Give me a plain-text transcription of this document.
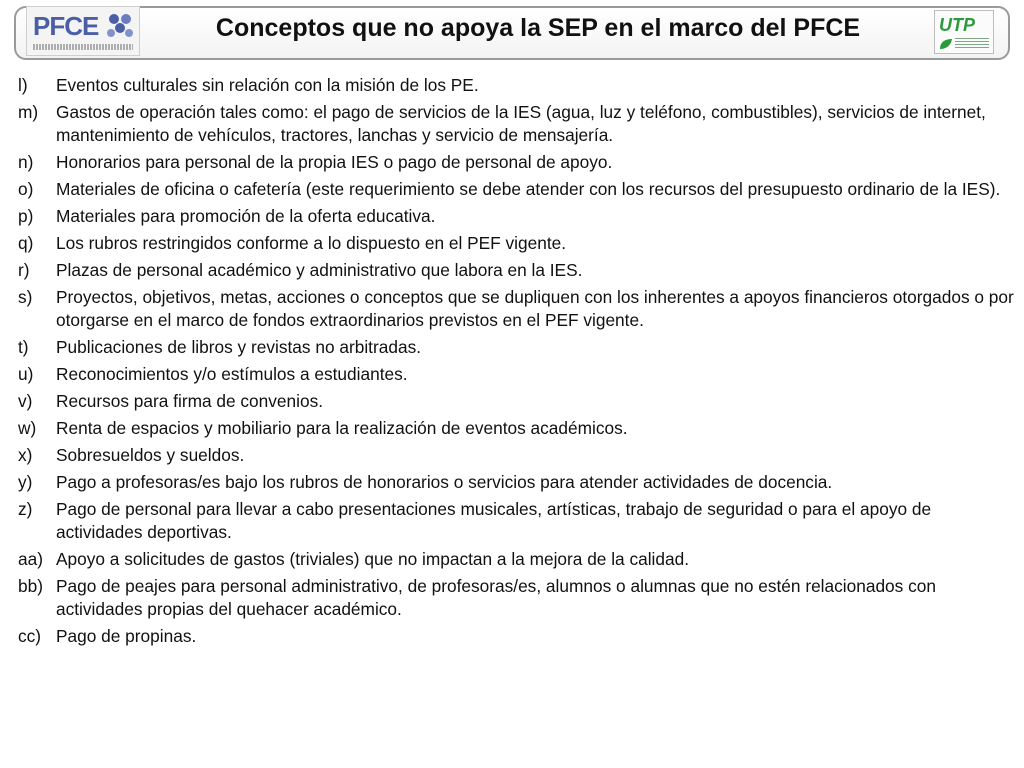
PFCE	Conceptos que no apoya la SEP en el marco del PFCE	UTP
l)	Eventos culturales sin relación con la misión de los PE.
m)	Gastos de operación tales como: el pago de servicios de la IES (agua, luz y teléfono, combustibles), servicios de internet, mantenimiento de vehículos, tractores, lanchas y servicio de mensajería.
n)	Honorarios para personal de la propia IES o pago de personal de apoyo.
o)	Materiales de oficina o cafetería (este requerimiento se debe atender con los recursos del presupuesto ordinario de la IES).
p)	Materiales para promoción de la oferta educativa.
q)	Los rubros restringidos conforme a lo dispuesto en el PEF vigente.
r)	Plazas de personal académico y administrativo que labora en la IES.
s)	Proyectos, objetivos, metas, acciones o conceptos que se dupliquen con los inherentes a apoyos financieros otorgados o por otorgarse en el marco de fondos extraordinarios previstos en el PEF vigente.
t)	Publicaciones de libros y revistas no arbitradas.
u)	Reconocimientos y/o estímulos a estudiantes.
v)	Recursos para firma de convenios.
w)	Renta de espacios y mobiliario para la realización de eventos académicos.
x)	Sobresueldos y sueldos.
y)	Pago a profesoras/es bajo los rubros de honorarios o servicios para atender actividades de docencia.
z)	Pago de personal para llevar a cabo presentaciones musicales, artísticas, trabajo de seguridad o para el apoyo de actividades deportivas.
aa) Apoyo a solicitudes de gastos (triviales) que no impactan a la mejora de la calidad.
bb) Pago de peajes para personal administrativo, de profesoras/es, alumnos o alumnas que no estén relacionados con actividades propias del quehacer académico.
cc) Pago de propinas.
